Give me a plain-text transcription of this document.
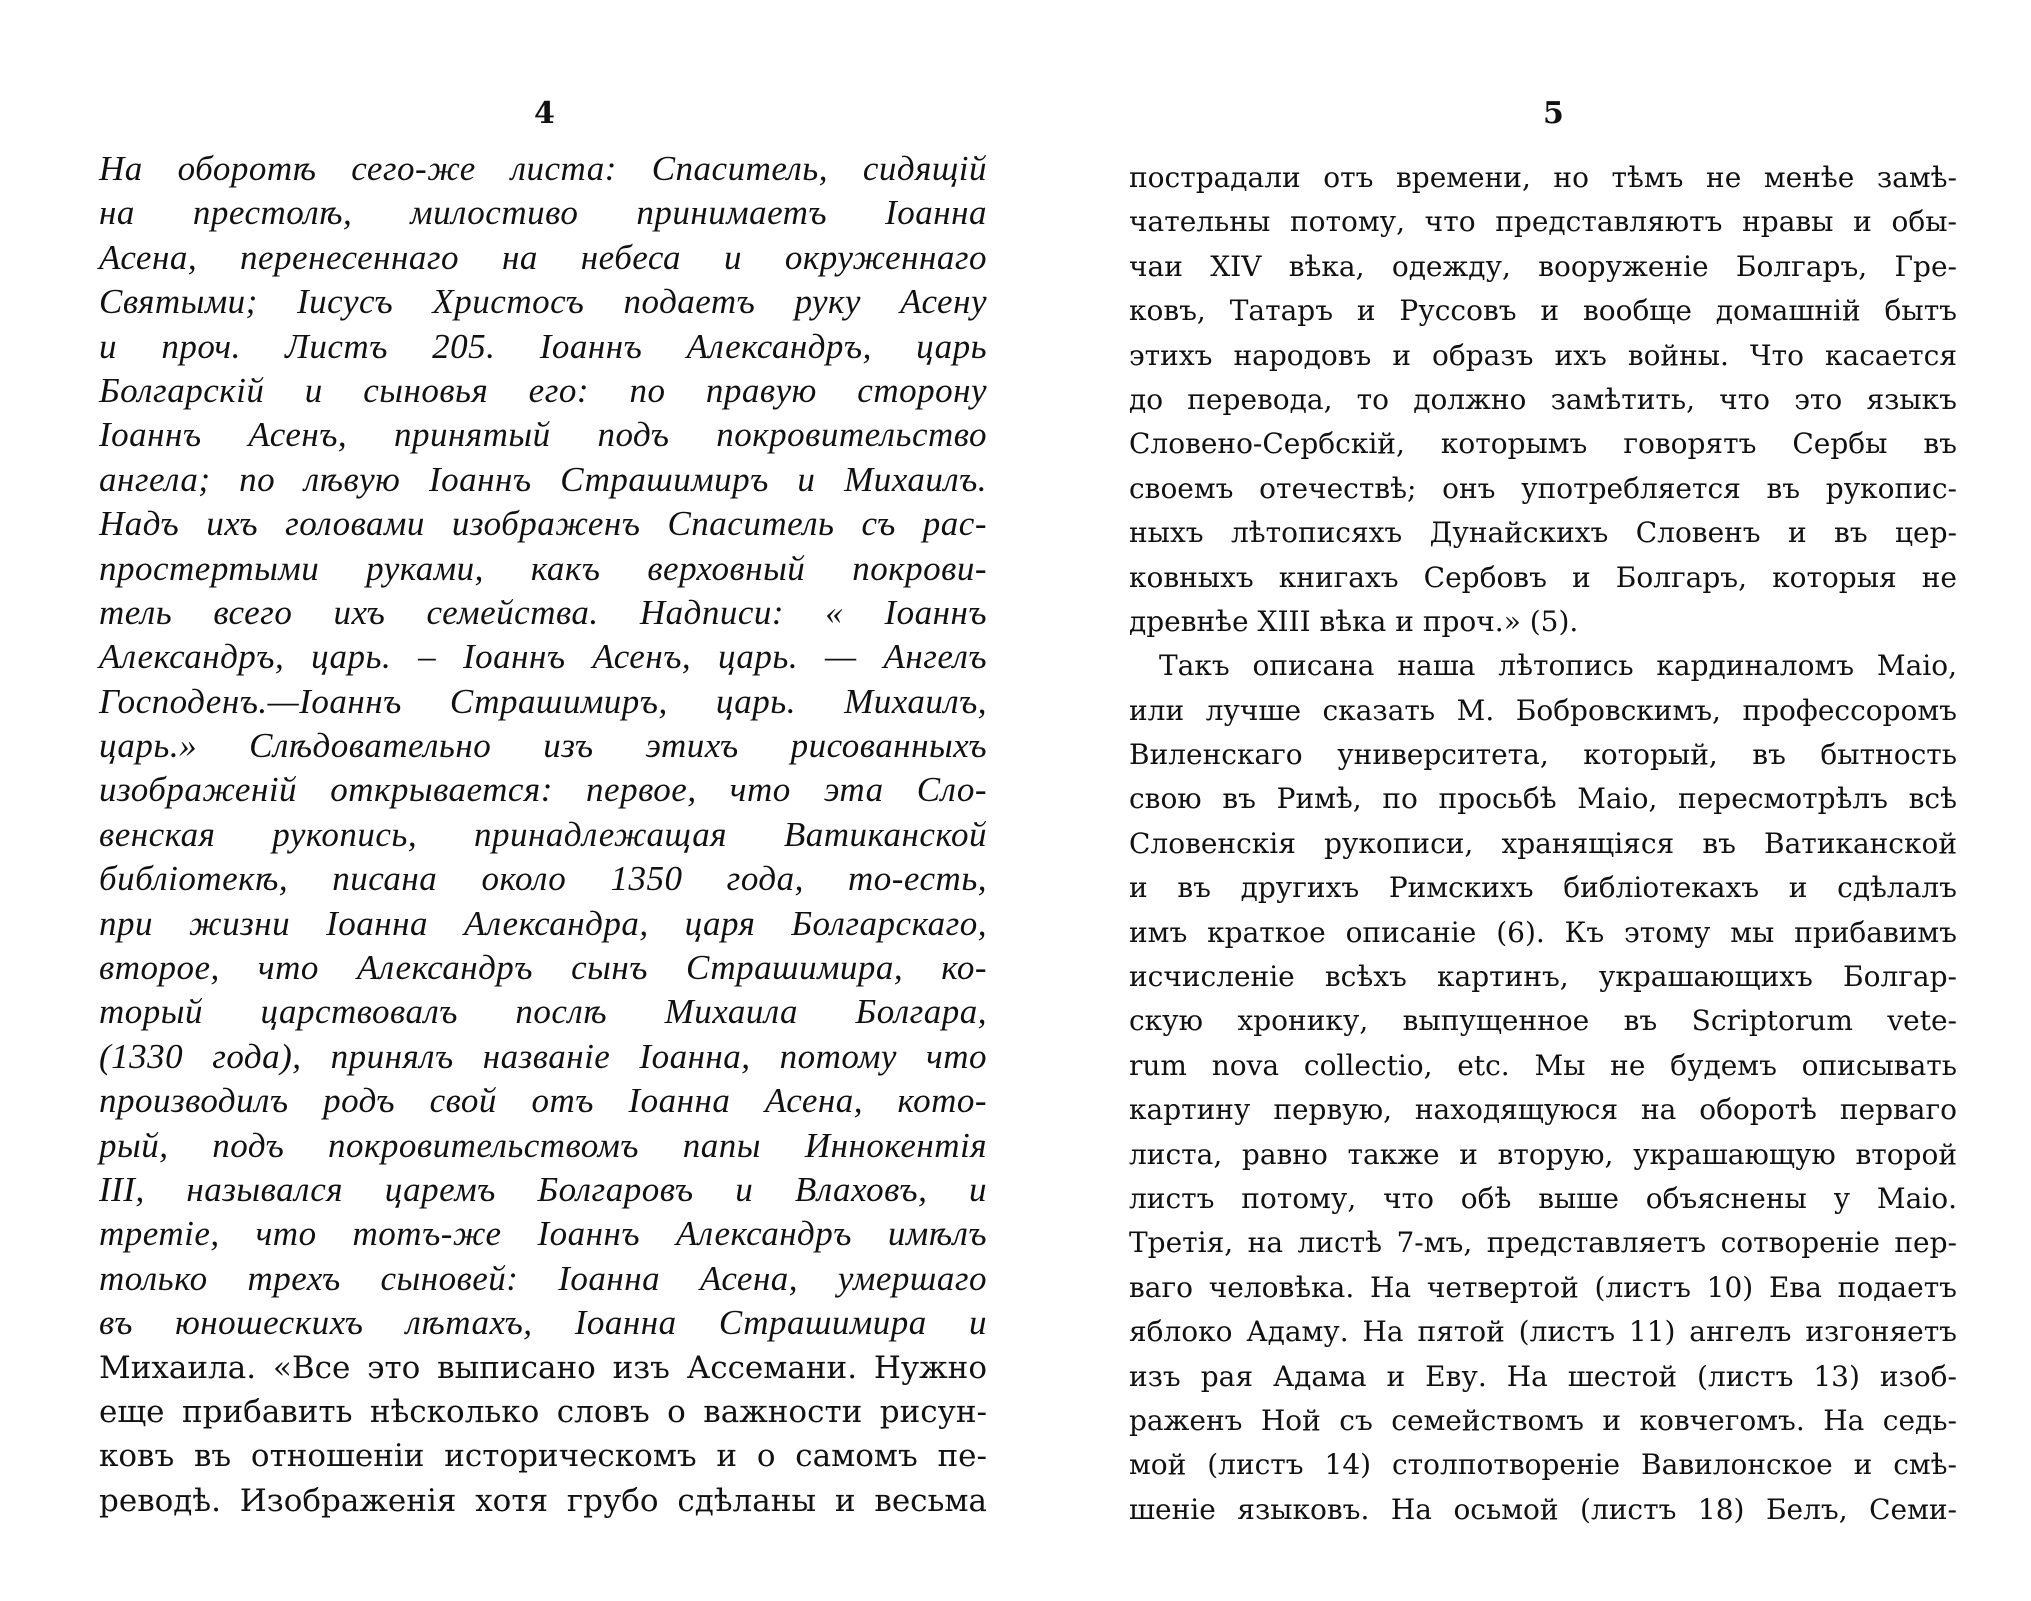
4
На оборотѣ сего-же листа: Спаситель, сидящій
на престолѣ, милостиво принимаетъ Іоанна
Асена, перенесеннаго на небеса и окруженнаго
Святыми; Іисусъ Христосъ подаетъ руку Асену
и проч. Листъ 205. Іоаннъ Александръ, царь
Болгарскій и сыновья его: по правую сторону
Іоаннъ Асенъ, принятый подъ покровительство
ангела; по лѣвую Іоаннъ Страшимиръ и Михаилъ.
Надъ ихъ головами изображенъ Спаситель съ рас-
простертыми руками, какъ верховный покрови-
тель всего ихъ семейства. Надписи: « Іоаннъ
Александръ, царь. – Іоаннъ Асенъ, царь. — Ангелъ
Господенъ.—Іоаннъ Страшимиръ, царь. Михаилъ,
царь.» Слѣдовательно изъ этихъ рисованныхъ
изображеній открывается: первое, что эта Сло-
венская рукопись, принадлежащая Ватиканской
библіотекѣ, писана около 1350 года, то-есть,
при жизни Іоанна Александра, царя Болгарскаго,
второе, что Александръ сынъ Страшимира, ко-
торый царствовалъ послѣ Михаила Болгара,
(1330 года), принялъ названіе Іоанна, потому что
производилъ родъ свой отъ Іоанна Асена, кото-
рый, подъ покровительствомъ папы Иннокентія
III, назывался царемъ Болгаровъ и Влаховъ, и
третіе, что тотъ-же Іоаннъ Александръ имѣлъ
только трехъ сыновей: Іоанна Асена, умершаго
въ юношескихъ лѣтахъ, Іоанна Страшимира и
Михаила. «Все это выписано изъ Ассемани. Нужно
еще прибавить нѣсколько словъ о важности рисун-
ковъ въ отношеніи историческомъ и о самомъ пе-
реводѣ. Изображенія хотя грубо сдѣланы и весьма
5
пострадали отъ времени, но тѣмъ не менѣе замѣ-
чательны потому, что представляютъ нравы и обы-
чаи XIV вѣка, одежду, вооруженіе Болгаръ, Гре-
ковъ, Татаръ и Руссовъ и вообще домашній бытъ
этихъ народовъ и образъ ихъ войны. Что касается
до перевода, то должно замѣтить, что это языкъ
Словено-Сербскій, которымъ говорятъ Сербы въ
своемъ отечествѣ; онъ употребляется въ рукопис-
ныхъ лѣтописяхъ Дунайскихъ Словенъ и въ цер-
ковныхъ книгахъ Сербовъ и Болгаръ, которыя не
древнѣе XIII вѣка и проч.» (5).
Такъ описана наша лѣтопись кардиналомъ Маіо,
или лучше сказать М. Бобровскимъ, профессоромъ
Виленскаго университета, который, въ бытность
свою въ Римѣ, по просьбѣ Маіо, пересмотрѣлъ всѣ
Словенскія рукописи, хранящіяся въ Ватиканской
и въ другихъ Римскихъ библіотекахъ и сдѣлалъ
имъ краткое описаніе (6). Къ этому мы прибавимъ
исчисленіе всѣхъ картинъ, украшающихъ Болгар-
скую хронику, выпущенное въ Scriptorum vete-
rum nova collectio, etc. Мы не будемъ описывать
картину первую, находящуюся на оборотѣ перваго
листа, равно также и вторую, украшающую второй
листъ потому, что обѣ выше объяснены у Маіо.
Третія, на листѣ 7-мъ, представляетъ сотвореніе пер-
ваго человѣка. На четвертой (листъ 10) Ева подаетъ
яблоко Адаму. На пятой (листъ 11) ангелъ изгоняетъ
изъ рая Адама и Еву. На шестой (листъ 13) изоб-
раженъ Ной съ семействомъ и ковчегомъ. На седь-
мой (листъ 14) столпотвореніе Вавилонское и смѣ-
шеніе языковъ. На осьмой (листъ 18) Белъ, Семи-
